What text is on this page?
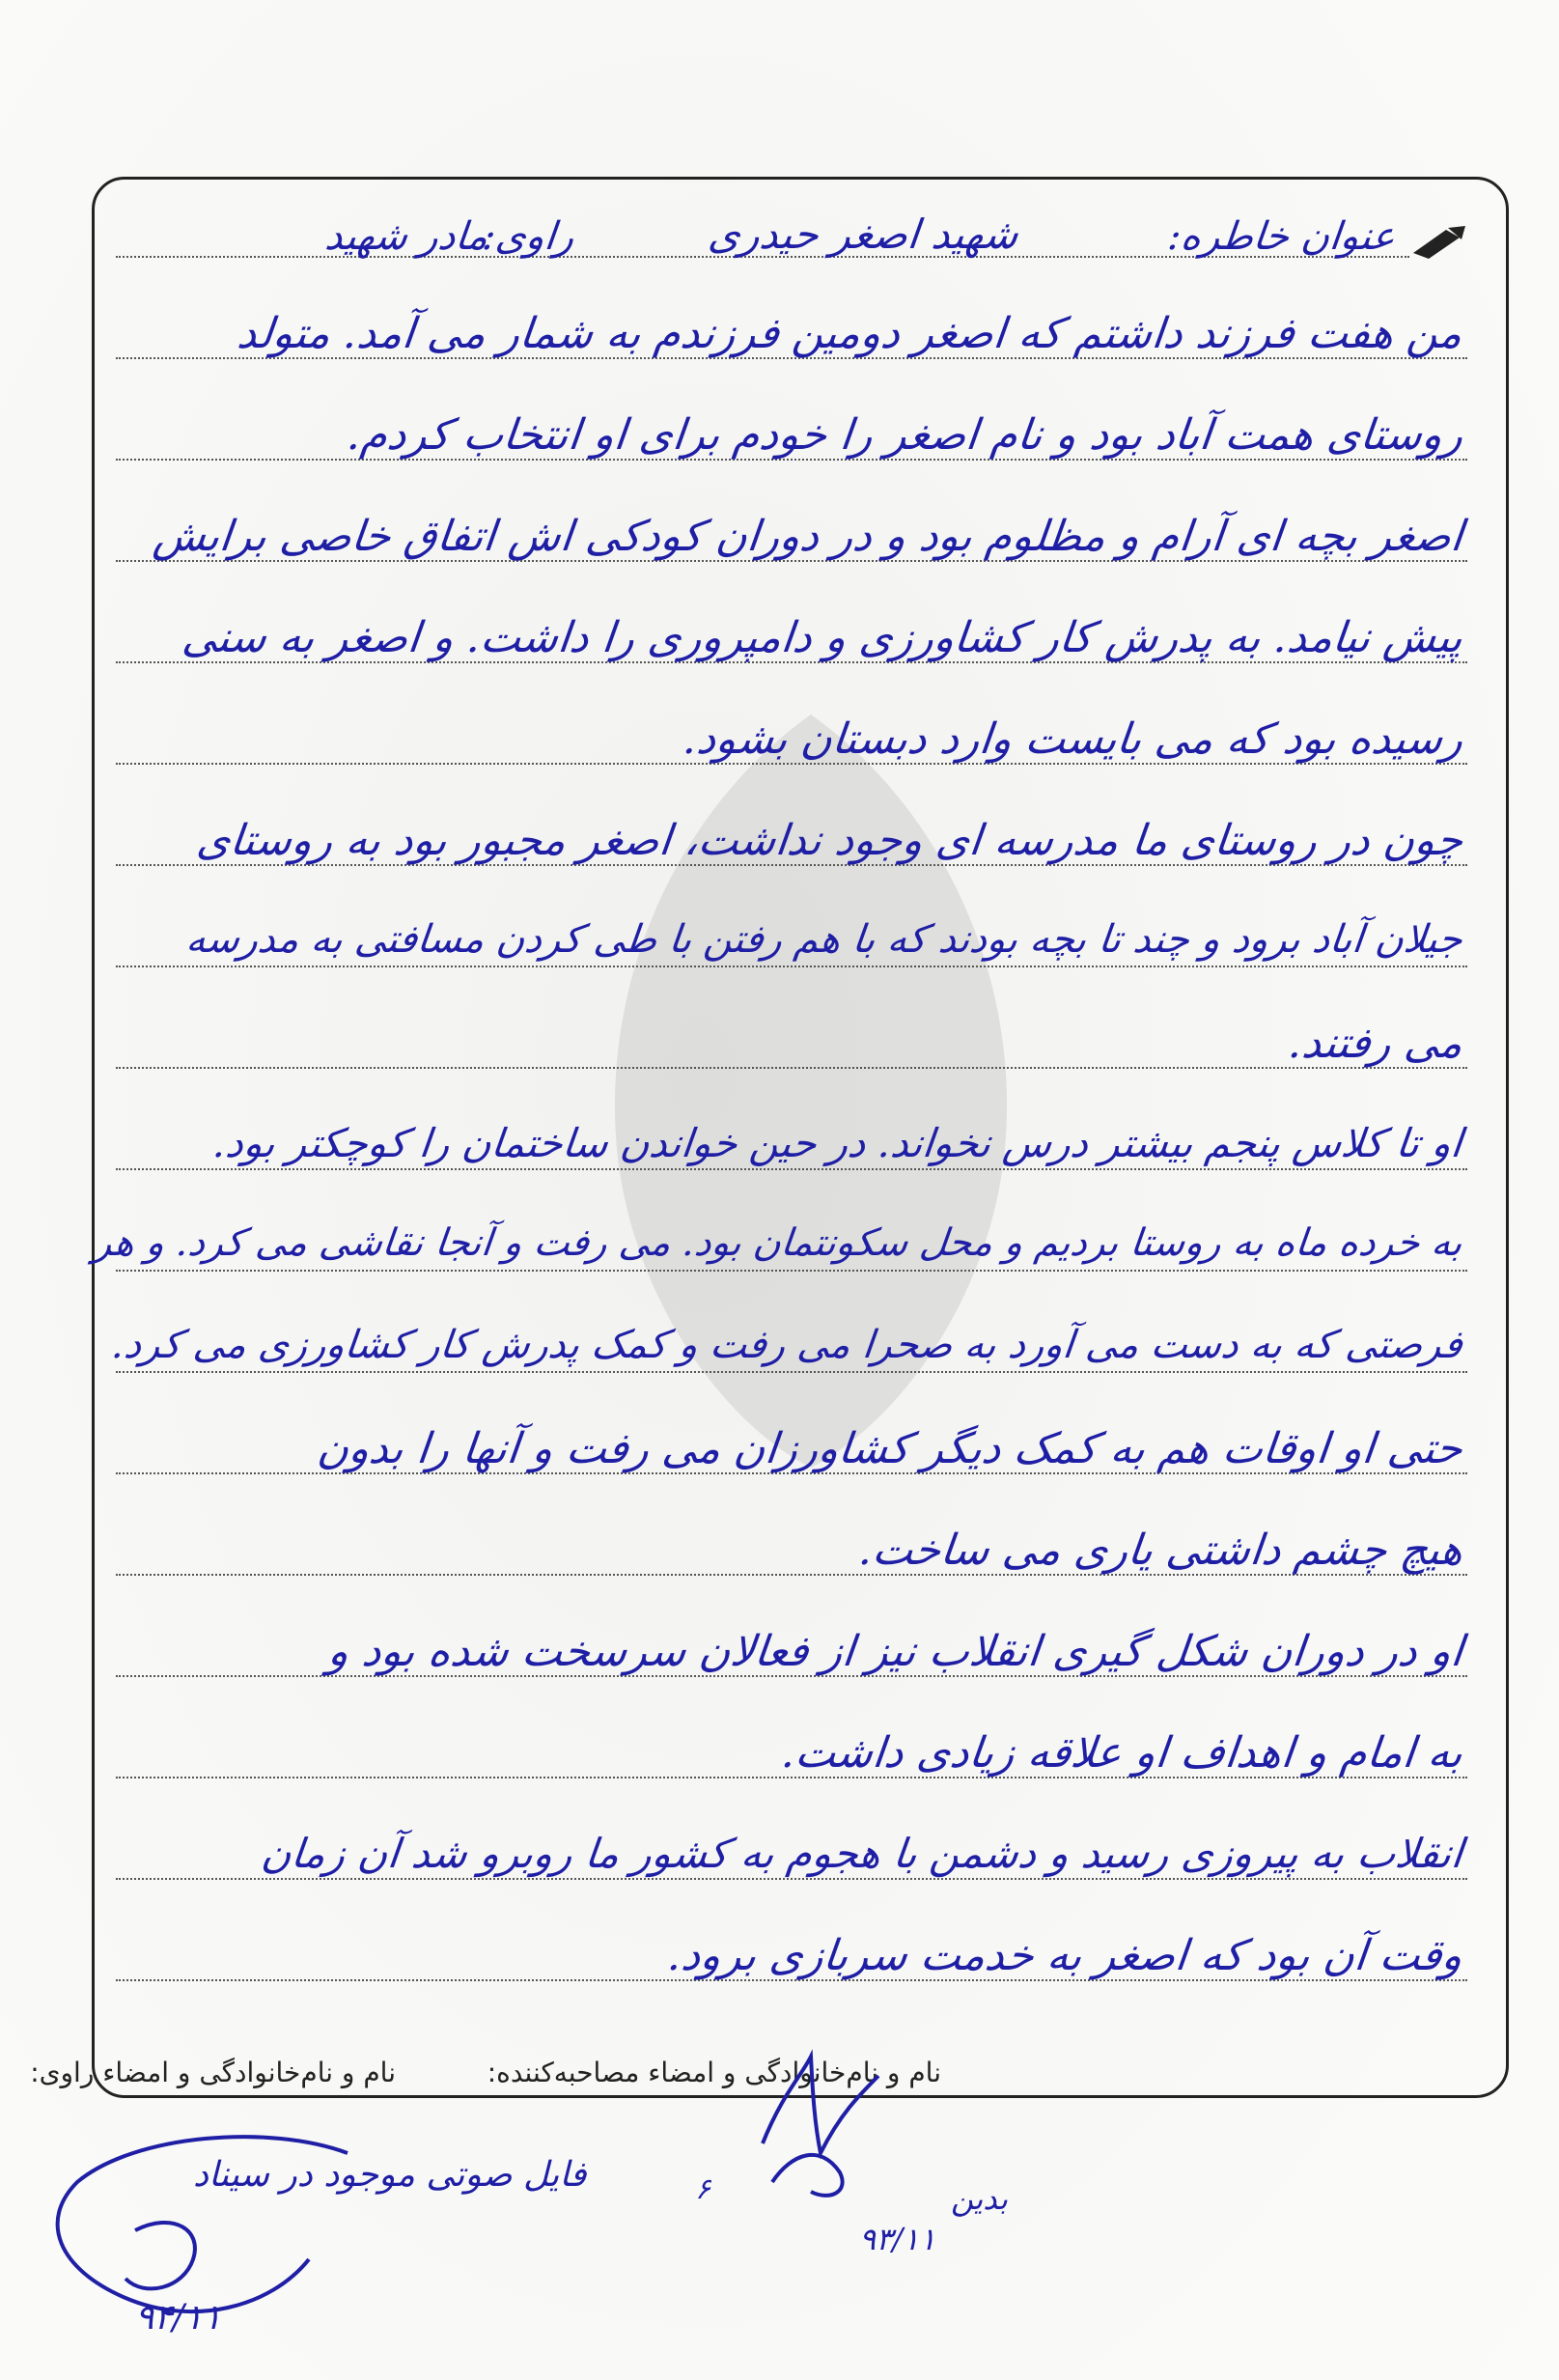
عنوان خاطره:
شهید اصغر حیدری
راوی:
مادر شهید
من هفت فرزند داشتم که اصغر دومین فرزندم به شمار می آمد. متولد
روستای همت آباد بود و نام اصغر را خودم برای او انتخاب کردم.
اصغر بچه ای آرام و مظلوم بود و در دوران کودکی اش اتفاق خاصی برایش
پیش نیامد. به پدرش کار کشاورزی و دامپروری را داشت. و اصغر به سنی
رسیده بود که می بایست وارد دبستان بشود.
چون در روستای ما مدرسه ای وجود نداشت، اصغر مجبور بود به روستای
جیلان آباد برود و چند تا بچه بودند که با هم رفتن با طی کردن مسافتی به مدرسه
می رفتند.
او تا کلاس پنجم بیشتر درس نخواند. در حین خواندن ساختمان را کوچکتر بود.
به خرده ماه به روستا بردیم و محل سکونتمان بود. می رفت و آنجا نقاشی می کرد. و هر
فرصتی که به دست می آورد به صحرا می رفت و کمک پدرش کار کشاورزی می کرد.
حتی او اوقات هم به کمک دیگر کشاورزان می رفت و آنها را بدون
هیچ چشم داشتی یاری می ساخت.
او در دوران شکل گیری انقلاب نیز از فعالان سرسخت شده بود و
به امام و اهداف او علاقه زیادی داشت.
انقلاب به پیروزی رسید و دشمن با هجوم به کشور ما روبرو شد آن زمان
وقت آن بود که اصغر به خدمت سربازی برود.
نام و نام‌خانوادگی و امضاء مصاحبه‌کننده:
نام و نام‌خانوادگی و امضاء راوی:
۶	بدین
۹۳/۱۱
فایل صوتی موجود در سیناد
۹۴/۱۱
